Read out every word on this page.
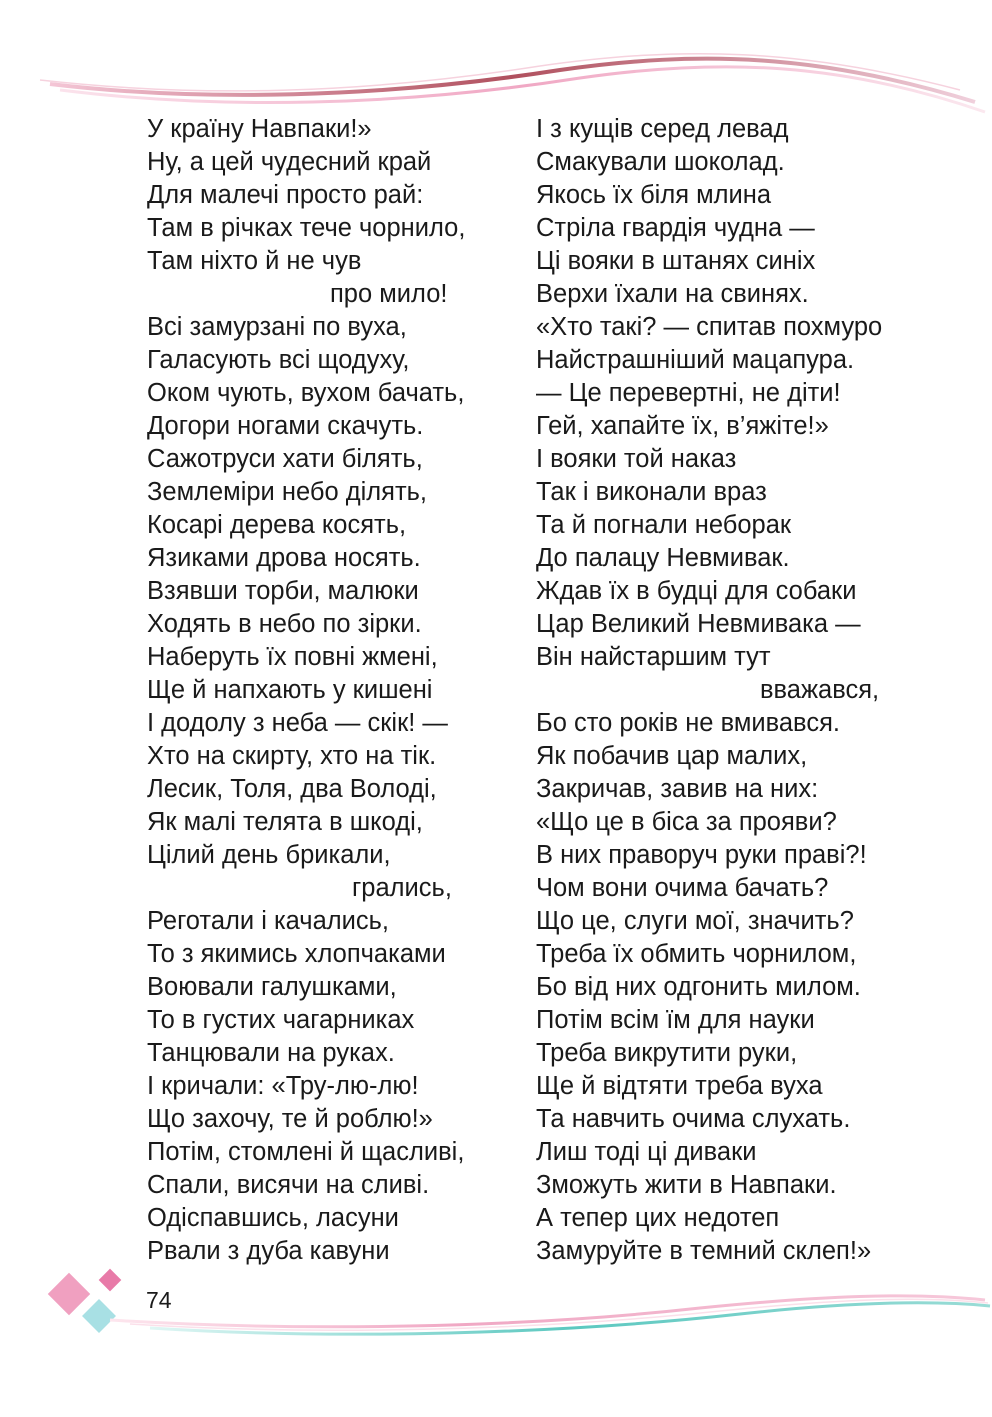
У країну Навпаки!»
Ну, а цей чудесний край
Для малечі просто рай:
Там в річках тече чорнило,
Там ніхто й не чув
про мило!
Всі замурзані по вуха,
Галасують всі щодуху,
Оком чують, вухом бачать,
Догори ногами скачуть.
Сажотруси хати білять,
Землеміри небо ділять,
Косарі дерева косять,
Язиками дрова носять.
Взявши торби, малюки
Ходять в небо по зірки.
Наберуть їх повні жмені,
Ще й напхають у кишені
І додолу з неба — скік! —
Хто на скирту, хто на тік.
Лесик, Толя, два Володі,
Як малі телята в шкоді,
Цілий день брикали,
грались,
Реготали і качались,
То з якимись хлопчаками
Воювали галушками,
То в густих чагарниках
Танцювали на руках.
І кричали: «Тру-лю-лю!
Що захочу, те й роблю!»
Потім, стомлені й щасливі,
Спали, висячи на сливі.
Одіспавшись, ласуни
Рвали з дуба кавуни
І з кущів серед левад
Смакували шоколад.
Якось їх біля млина
Стріла гвардія чудна —
Ці вояки в штанях синіх
Верхи їхали на свинях.
«Хто такі? — спитав похмуро
Найстрашніший мацапура.
— Це перевертні, не діти!
Гей, хапайте їх, в’яжіте!»
І вояки той наказ
Так і виконали враз
Та й погнали неборак
До палацу Невмивак.
Ждав їх в будці для собаки
Цар Великий Невмивака —
Він найстаршим тут
вважався,
Бо сто років не вмивався.
Як побачив цар малих,
Закричав, завив на них:
«Що це в біса за прояви?
В них праворуч руки праві?!
Чом вони очима бачать?
Що це, слуги мої, значить?
Треба їх обмить чорнилом,
Бо від них одгонить милом.
Потім всім їм для науки
Треба викрутити руки,
Ще й відтяти треба вуха
Та навчить очима слухать.
Лиш тоді ці диваки
Зможуть жити в Навпаки.
А тепер цих недотеп
Замуруйте в темний склеп!»
74
